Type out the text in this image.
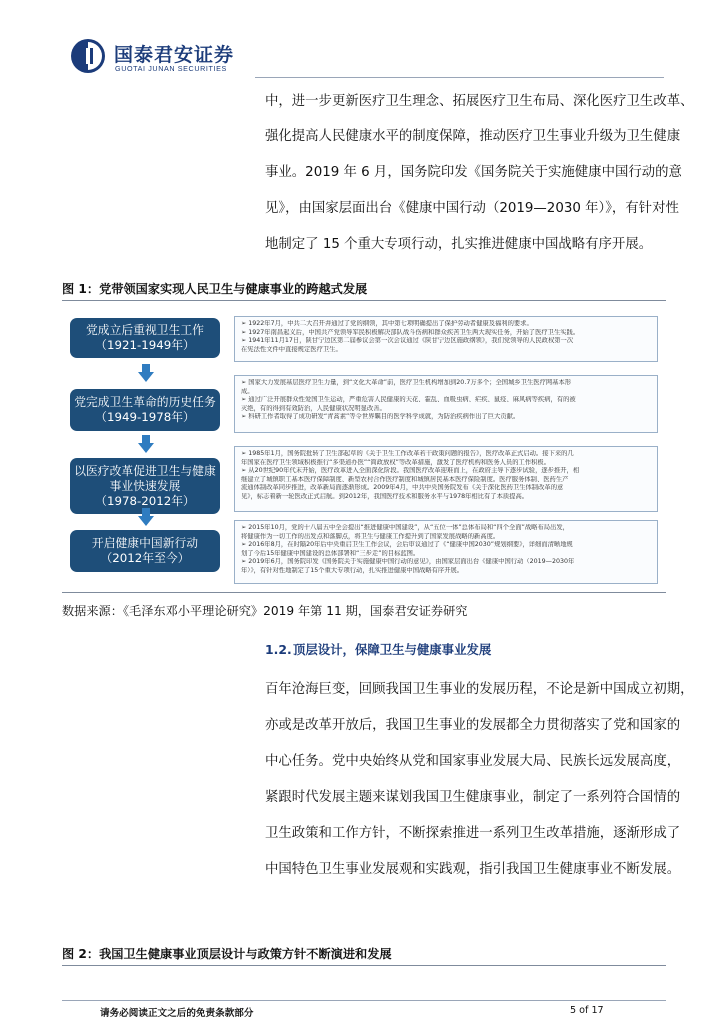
国泰君安证券
GUOTAI JUNAN SECURITIES
中，进一步更新医疗卫生理念、拓展医疗卫生布局、深化医疗卫生改革、
强化提高人民健康水平的制度保障，推动医疗卫生事业升级为卫生健康
事业。2019 年 6 月，国务院印发《国务院关于实施健康中国行动的意
见》，由国家层面出台《健康中国行动（2019—2030 年）》，有针对性
地制定了 15 个重大专项行动，扎实推进健康中国战略有序开展。
图 1：党带领国家实现人民卫生与健康事业的跨越式发展
党成立后重视卫生工作
（1921-1949年）
➢ 1922年7月，中共二大召开并通过了党的纲领，其中第七项明确提出了保护劳动者健康及福利的要求。
➢ 1927年南昌起义后，中国共产党领导军民积极解决部队战斗伤病和群众疾苦卫生两大现实任务，开始了医疗卫生实践。
➢ 1941年11月17日，陕甘宁边区第二届参议会第一次会议通过《陕甘宁边区施政纲领》，我们党领导的人民政权第一次
在宪法性文件中直接规定医疗卫生。
党完成卫生革命的历史任务
（1949-1978年）
➢ 国家大力发展基层医疗卫生力量，到“文化大革命”前，医疗卫生机构增加到20.7万多个；全国城乡卫生医疗网基本形
成。
➢ 通过广泛开展群众性爱国卫生运动，严重危害人民健康的天花、霍乱、血吸虫病、疟疾、鼠疫、麻风病等疾病，有的被
灭绝，有的得到有效防治，人民健康状况明显改善。
➢ 科研工作者取得了成功研发“青蒿素”等令世界瞩目的医学科学成就，为防治疾病作出了巨大贡献。
以医疗改革促进卫生与健康
事业快速发展
（1978-2012年）
➢ 1985年1月，国务院批转了卫生部起草的《关于卫生工作改革若干政策问题的报告》，医疗改革正式启动。接下来的几
年国家在医疗卫生领域积极推行“多渠道办医”“简政放权”等改革措施，激发了医疗机构和医务人员的工作积极。
➢ 从20世纪90年代末开始，医疗改革进入全面深化阶段。我国医疗改革迎难而上，在政府主导下逐步试验，逐步推开，相
继建立了城镇职工基本医疗保障制度、新型农村合作医疗制度和城镇居民基本医疗保险制度。医疗服务体制、医药生产
流通体制改革同步推进，改革新局面逐渐形成。2009年4月，中共中央国务院发布《关于深化医药卫生体制改革的意
见》，标志着新一轮医改正式启航。到2012年，我国医疗技术和服务水平与1978年相比有了本质提高。
开启健康中国新行动
（2012年至今）
➢ 2015年10月，党的十八届五中全会提出“推进健康中国建设”，从“五位一体”总体布局和“四个全面”战略布局出发，
将健康作为一切工作的出发点和落脚点，将卫生与健康工作提升到了国家发展战略的新高度。
➢ 2016年8月，在时隔20年后中央重启卫生工作会议，会后审议通过了《“健康中国2030”规划纲要》，详细而清晰地规
划了今后15年健康中国建设的总体部署和“三步走”的目标蓝图。
➢ 2019年6月，国务院印发《国务院关于实施健康中国行动的意见》，由国家层面出台《健康中国行动（2019—2030年
年）》，有针对性地制定了15个重大专项行动，扎实推进健康中国战略有序开展。
数据来源：《毛泽东邓小平理论研究》2019 年第 11 期，国泰君安证券研究
1.2.顶层设计，保障卫生与健康事业发展
百年沧海巨变，回顾我国卫生事业的发展历程，不论是新中国成立初期，
亦或是改革开放后，我国卫生事业的发展都全力贯彻落实了党和国家的
中心任务。党中央始终从党和国家事业发展大局、民族长远发展高度，
紧跟时代发展主题来谋划我国卫生健康事业，制定了一系列符合国情的
卫生政策和工作方针，不断探索推进一系列卫生改革措施，逐渐形成了
中国特色卫生事业发展观和实践观，指引我国卫生健康事业不断发展。
图 2：我国卫生健康事业顶层设计与政策方针不断演进和发展
请务必阅读正文之后的免责条款部分	5 of 17
